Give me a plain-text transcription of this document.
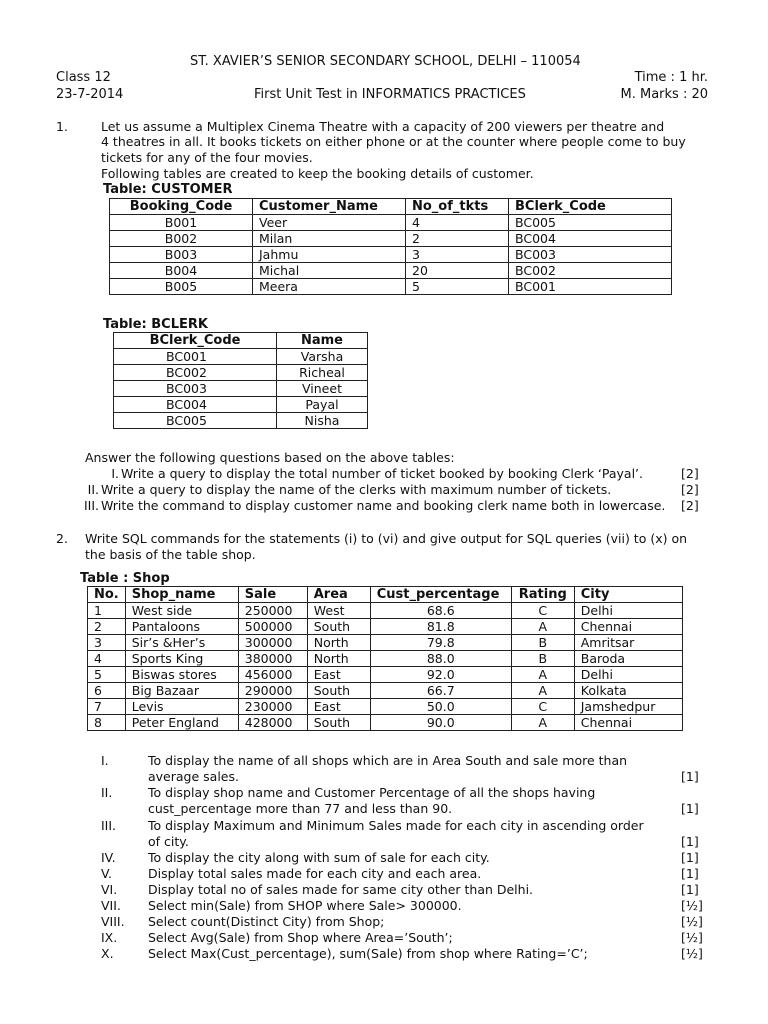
ST. XAVIER’S SENIOR SECONDARY SCHOOL, DELHI – 110054
Class 12	Time : 1 hr.
23-7-2014	First Unit Test in INFORMATICS PRACTICES	M. Marks : 20
1.	Let us assume a Multiplex Cinema Theatre with a capacity of 200 viewers per theatre and
4 theatres in all. It books tickets on either phone or at the counter where people come to buy
tickets for any of the four movies.
Following tables are created to keep the booking details of customer.
Table: CUSTOMER
Booking_Code	Customer_Name	No_of_tkts	BClerk_Code
B001	Veer	4	BC005
B002	Milan	2	BC004
B003	Jahmu	3	BC003
B004	Michal	20	BC002
B005	Meera	5	BC001
Table: BCLERK
BClerk_Code	Name
BC001	Varsha
BC002	Richeal
BC003	Vineet
BC004	Payal
BC005	Nisha
Answer the following questions based on the above tables:
I. Write a query to display the total number of ticket booked by booking Clerk ‘Payal’.	[2]
II. Write a query to display the name of the clerks with maximum number of tickets.	[2]
III. Write the command to display customer name and booking clerk name both in lowercase. [2]
2. Write SQL commands for the statements (i) to (vi) and give output for SQL queries (vii) to (x) on
the basis of the table shop.
Table : Shop
No.	Shop_name	Sale	Area	Cust_percentage	Rating	City
1	West side	250000	West	68.6	C	Delhi
2	Pantaloons	500000	South	81.8	A	Chennai
3	Sir’s &Her’s	300000	North	79.8	B	Amritsar
4	Sports King	380000	North	88.0	B	Baroda
5	Biswas stores	456000	East	92.0	A	Delhi
6	Big Bazaar	290000	South	66.7	A	Kolkata
7	Levis	230000	East	50.0	C	Jamshedpur
8	Peter England	428000	South	90.0	A	Chennai
I.	To display the name of all shops which are in Area South and sale more than
average sales.	[1]
II.	To display shop name and Customer Percentage of all the shops having
cust_percentage more than 77 and less than 90.	[1]
III.	To display Maximum and Minimum Sales made for each city in ascending order
of city.	[1]
IV.	To display the city along with sum of sale for each city.	[1]
V.	Display total sales made for each city and each area.	[1]
VI. Display total no of sales made for same city other than Delhi.	[1]
VII. Select min(Sale) from SHOP where Sale> 300000.	[½]
VIII. Select count(Distinct City) from Shop;	[½]
IX. Select Avg(Sale) from Shop where Area=’South’;	[½]
X.	Select Max(Cust_percentage), sum(Sale) from shop where Rating=’C’;	[½]
